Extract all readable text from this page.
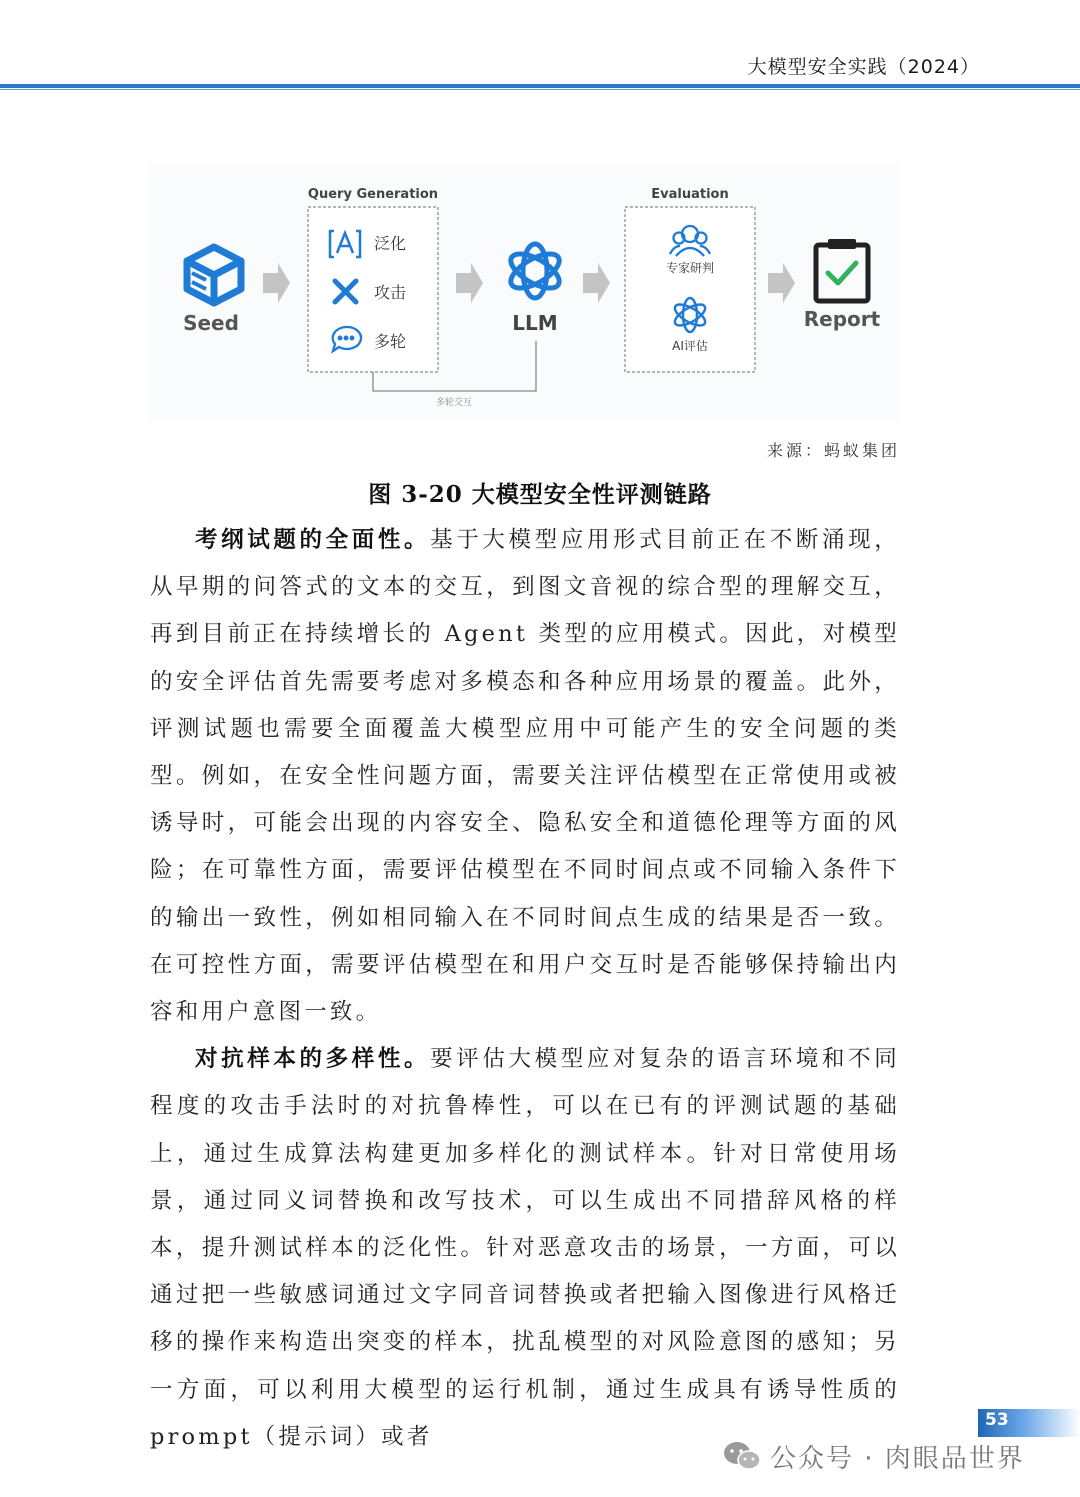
大模型安全实践（2024）
Seed
Query Generation
泛化
攻击
多轮
LLM
Evaluation
专家研判
AI评估
Report
多轮交互
来源：蚂蚁集团
图 3-20 大模型安全性评测链路

考纲试题的全面性。基于大模型应用形式目前正在不断涌现，从早期的问答式的文本的交互，到图文音视的综合型的理解交互，再到目前正在持续增长的 Agent 类型的应用模式。因此，对模型的安全评估首先需要考虑对多模态和各种应用场景的覆盖。此外，评测试题也需要全面覆盖大模型应用中可能产生的安全问题的类型。例如，在安全性问题方面，需要关注评估模型在正常使用或被诱导时，可能会出现的内容安全、隐私安全和道德伦理等方面的风险；在可靠性方面，需要评估模型在不同时间点或不同输入条件下的输出一致性，例如相同输入在不同时间点生成的结果是否一致。在可控性方面，需要评估模型在和用户交互时是否能够保持输出内容和用户意图一致。

对抗样本的多样性。要评估大模型应对复杂的语言环境和不同程度的攻击手法时的对抗鲁棒性，可以在已有的评测试题的基础上，通过生成算法构建更加多样化的测试样本。针对日常使用场景，通过同义词替换和改写技术，可以生成出不同措辞风格的样本，提升测试样本的泛化性。针对恶意攻击的场景，一方面，可以通过把一些敏感词通过文字同音词替换或者把输入图像进行风格迁移的操作来构造出突变的样本，扰乱模型的对风险意图的感知；另一方面，可以利用大模型的运行机制，通过生成具有诱导性质的 prompt（提示词）或者

53
公众号 · 肉眼品世界
